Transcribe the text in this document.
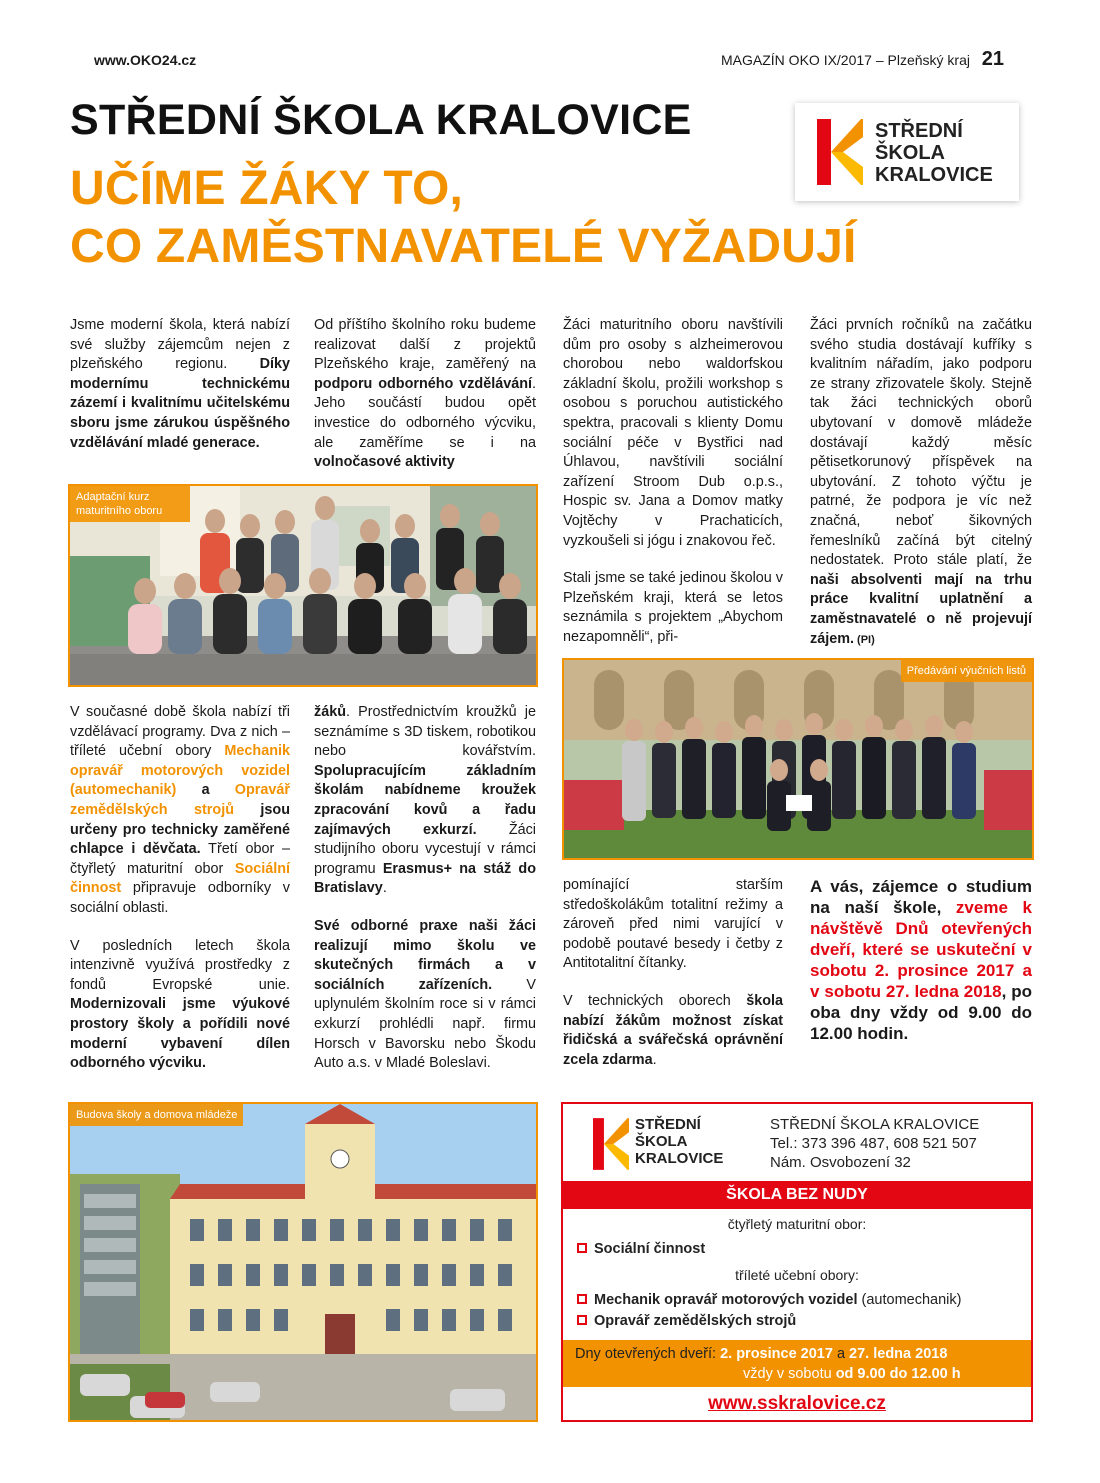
www.OKO24.cz	MAGAZÍN OKO IX/2017 – Plzeňský kraj 21
STŘEDNÍ ŠKOLA KRALOVICE
UČÍME ŽÁKY TO,
CO ZAMĚSTNAVATELÉ VYŽADUJÍ
STŘEDNÍ
ŠKOLA
KRALOVICE
Jsme moderní škola, která nabízí své služby zájemcům nejen z plzeňského regionu. Díky modernímu technickému zázemí i kvalitnímu učitelskému sboru jsme zárukou úspěšného vzdělávání mladé generace.
Od příštího školního roku budeme realizovat další z projektů Plzeňského kraje, zaměřený na podporu odborného vzdělávání. Jeho součástí budou opět investice do odborného výcviku, ale zaměříme se i na volnočasové aktivity
Adaptační kurz maturitního oboru

Žáci maturitního oboru navštívili dům pro osoby s alzheimerovou chorobou nebo waldorfskou základní školu, prožili workshop s osobou s poruchou autistického spektra, pracovali s klienty Domu sociální péče v Bystřici nad Úhlavou, navštívili sociální zařízení Stroom Dub o.p.s., Hospic sv. Jana a Domov matky Vojtěchy v Prachaticích, vyzkoušeli si jógu i znakovou řeč.

Stali jsme se také jedinou školou v Plzeňském kraji, která se letos seznámila s projektem „Abychom nezapomněli“, při-

Žáci prvních ročníků na začátku svého studia dostávají kufříky s kvalitním nářadím, jako podporu ze strany zřizovatele školy. Stejně tak žáci technických oborů ubytovaní v domově mládeže dostávají každý měsíc pětisetkorunový příspěvek na ubytování. Z tohoto výčtu je patrné, že podpora je víc než značná, neboť šikovných řemeslníků začíná být citelný nedostatek. Proto stále platí, že naši absolventi mají na trhu práce kvalitní uplatnění a zaměstnavatelé o ně projevují zájem. (PI)
Předávání výučních listů

V současné době škola nabízí tři vzdělávací programy. Dva z nich – tříleté učební obory Mechanik opravář motorových vozidel (automechanik) a Opravář zemědělských strojů jsou určeny pro technicky zaměřené chlapce i děvčata. Třetí obor – čtyřletý maturitní obor Sociální činnost připravuje odborníky v sociální oblasti.

V posledních letech škola intenzivně využívá prostředky z fondů Evropské unie. Modernizovali jsme výukové prostory školy a pořídili nové moderní vybavení dílen odborného výcviku.

žáků. Prostřednictvím kroužků je seznámíme s 3D tiskem, robotikou nebo kovářstvím. Spolupracujícím základním školám nabídneme kroužek zpracování kovů a řadu zajímavých exkurzí. Žáci studijního oboru vycestují v rámci programu Erasmus+ na stáž do Bratislavy.

Své odborné praxe naši žáci realizují mimo školu ve skutečných firmách a v sociálních zařízeních. V uplynulém školním roce si v rámci exkurzí prohlédli např. firmu Horsch v Bavorsku nebo Škodu Auto a.s. v Mladé Boleslavi.

pomínající starším středoškolákům totalitní režimy a zároveň před nimi varující v podobě poutavé besedy i četby z Antitotalitní čítanky.

V technických oborech škola nabízí žákům možnost získat řidičská a svářečská oprávnění zcela zdarma.

A vás, zájemce o studium na naší škole, zveme k návštěvě Dnů otevřených dveří, které se uskuteční v sobotu 2. prosince 2017 a v sobotu 27. ledna 2018, po oba dny vždy od 9.00 do 12.00 hodin.
Budova školy a domova mládeže
STŘEDNÍ
ŠKOLA
KRALOVICE
STŘEDNÍ ŠKOLA KRALOVICE
Tel.: 373 396 487, 608 521 507
Nám. Osvobození 32
ŠKOLA BEZ NUDY
čtyřletý maturitní obor:
Sociální činnost
tříleté učební obory:
Mechanik opravář motorových vozidel (automechanik)
Opravář zemědělských strojů
Dny otevřených dveří: 2. prosince 2017 a 27. ledna 2018
vždy v sobotu od 9.00 do 12.00 h
www.sskralovice.cz
